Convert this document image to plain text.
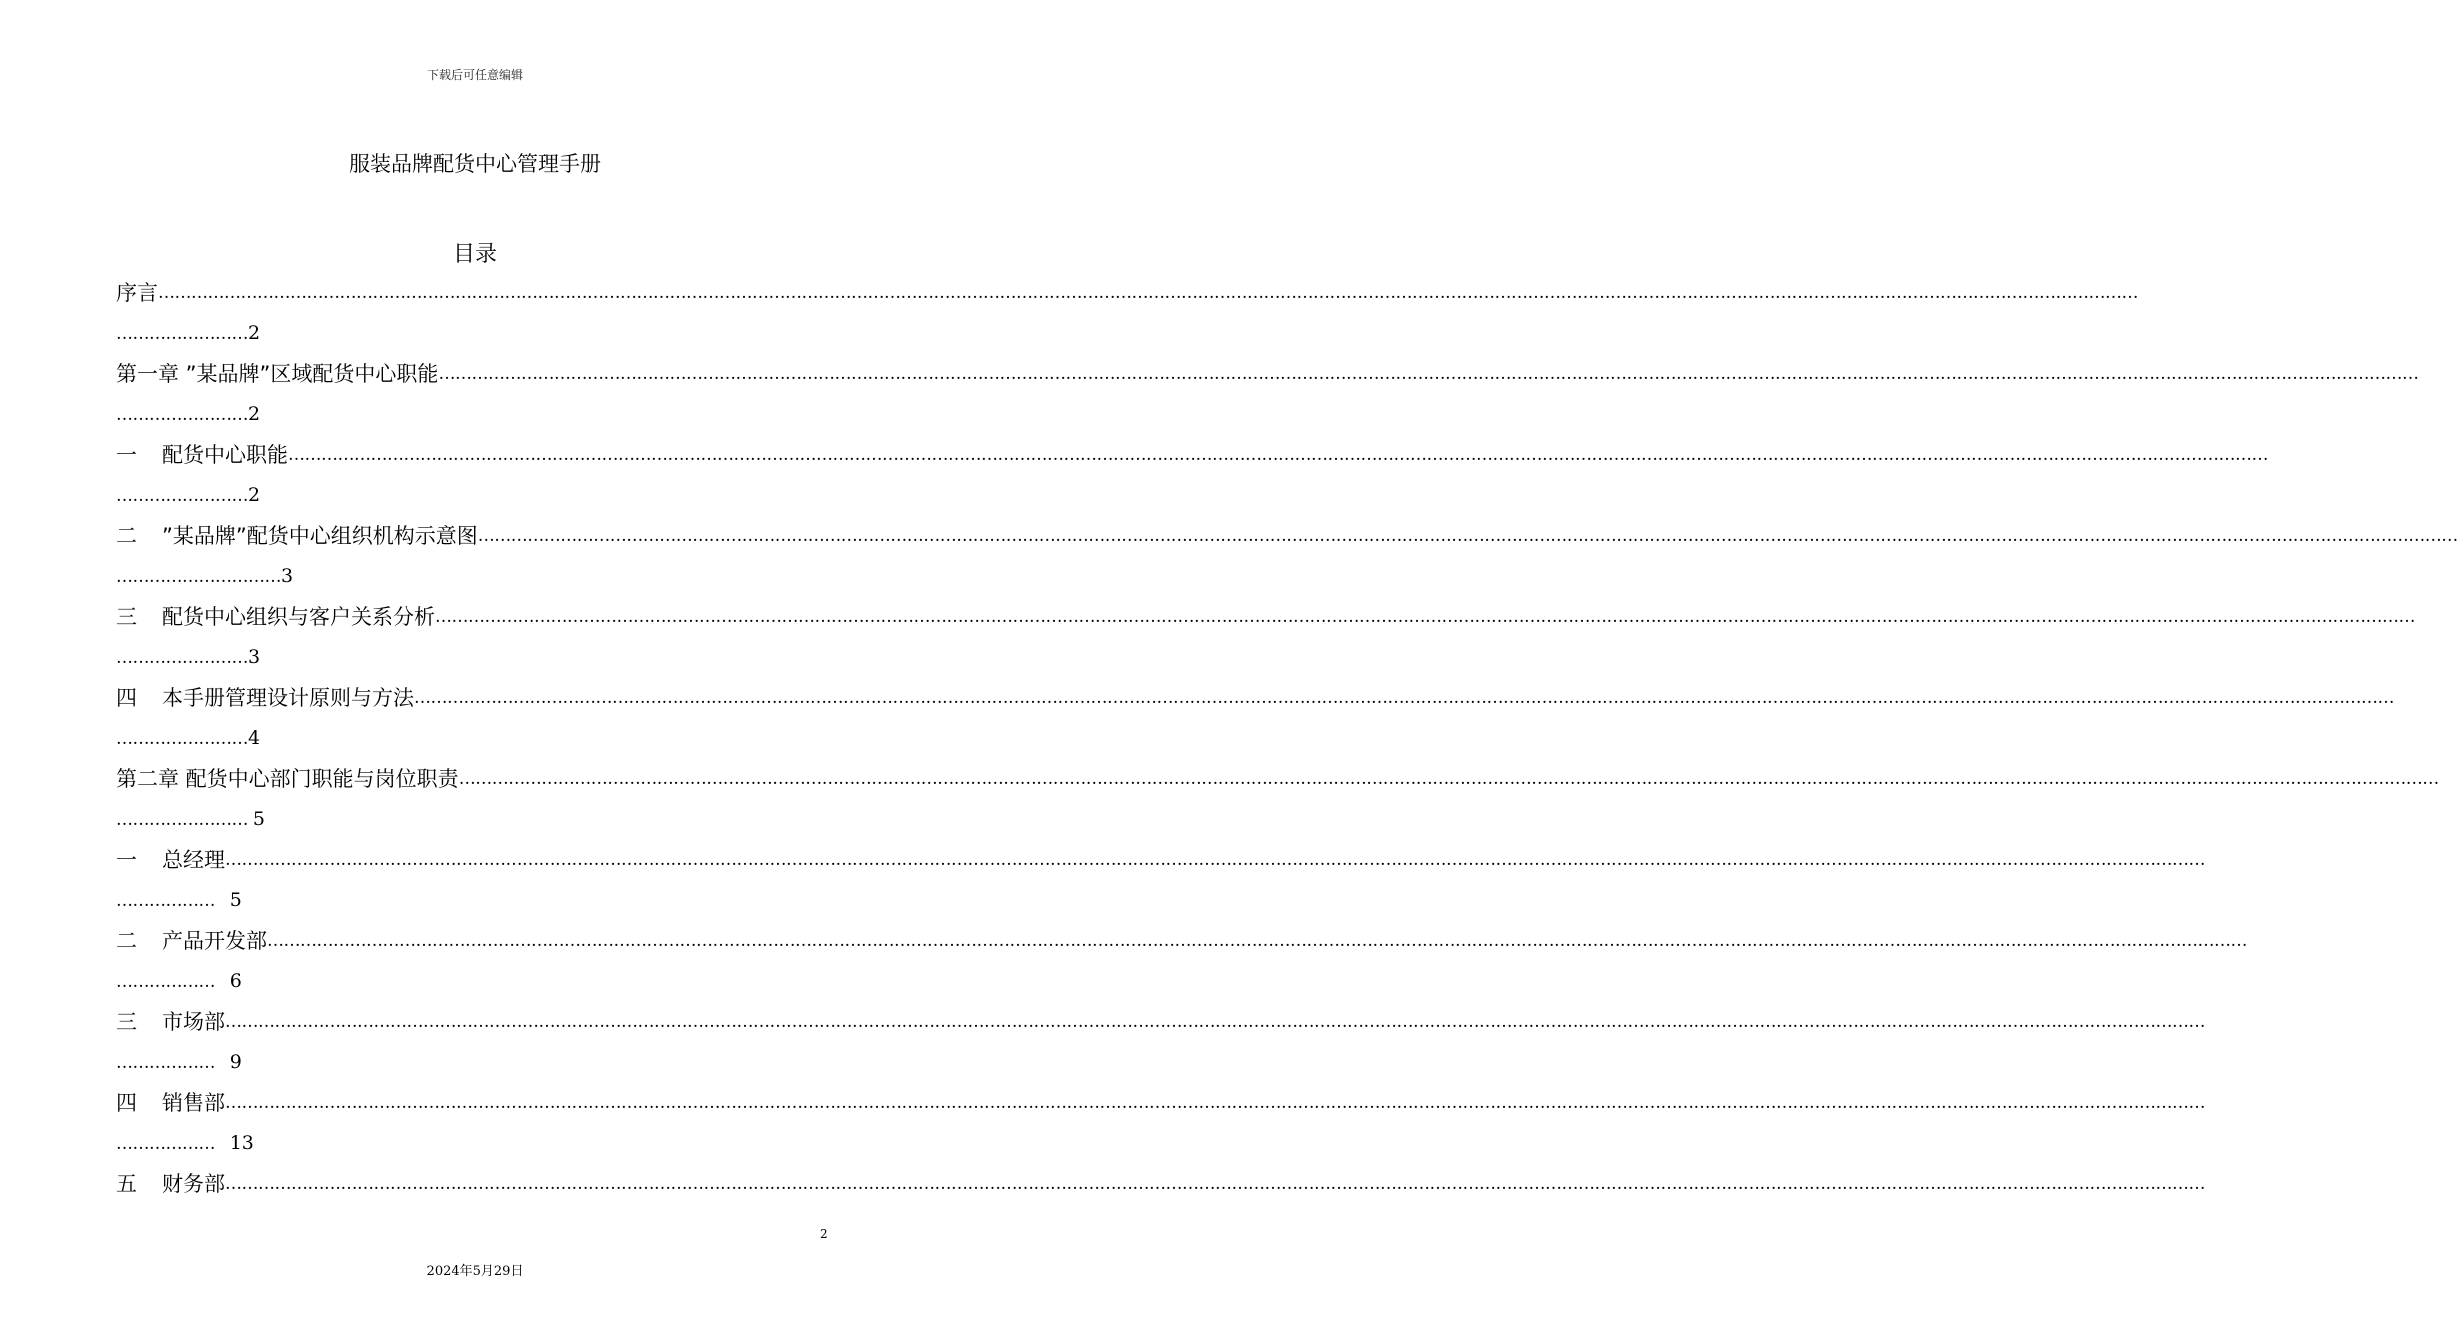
下载后可任意编辑
服装品牌配货中心管理手册
目录
序言 ………………………………………………………………………………………………………………………………………………………………………………………………………………………………………………………………………………………………………………………………
……………………2
第一章 ”某品牌”区域配货中心职能 ………………………………………………………………………………………………………………………………………………………………………………………………………………………………………………………………………………………………………………………………
……………………2
一	配货中心职能 ………………………………………………………………………………………………………………………………………………………………………………………………………………………………………………………………………………………………………………………………
……………………2
二	”某品牌”配货中心组织机构示意图 ………………………………………………………………………………………………………………………………………………………………………………………………………………………………………………………………………………………………………………………………
…………………………3
三	配货中心组织与客户关系分析 ………………………………………………………………………………………………………………………………………………………………………………………………………………………………………………………………………………………………………………………………
……………………3
四	本手册管理设计原则与方法 ………………………………………………………………………………………………………………………………………………………………………………………………………………………………………………………………………………………………………………………………
……………………4
第二章 配货中心部门职能与岗位职责 ………………………………………………………………………………………………………………………………………………………………………………………………………………………………………………………………………………………………………………………………
…………………… 5
一	总经理 ………………………………………………………………………………………………………………………………………………………………………………………………………………………………………………………………………………………………………………………………
………………   5
二	产品开发部 ………………………………………………………………………………………………………………………………………………………………………………………………………………………………………………………………………………………………………………………………
………………   6
三	市场部 ………………………………………………………………………………………………………………………………………………………………………………………………………………………………………………………………………………………………………………………………
………………   9
四	销售部 ………………………………………………………………………………………………………………………………………………………………………………………………………………………………………………………………………………………………………………………………
………………   13
五	财务部 ………………………………………………………………………………………………………………………………………………………………………………………………………………………………………………………………………………………………………………………………
2
2024年5月29日
